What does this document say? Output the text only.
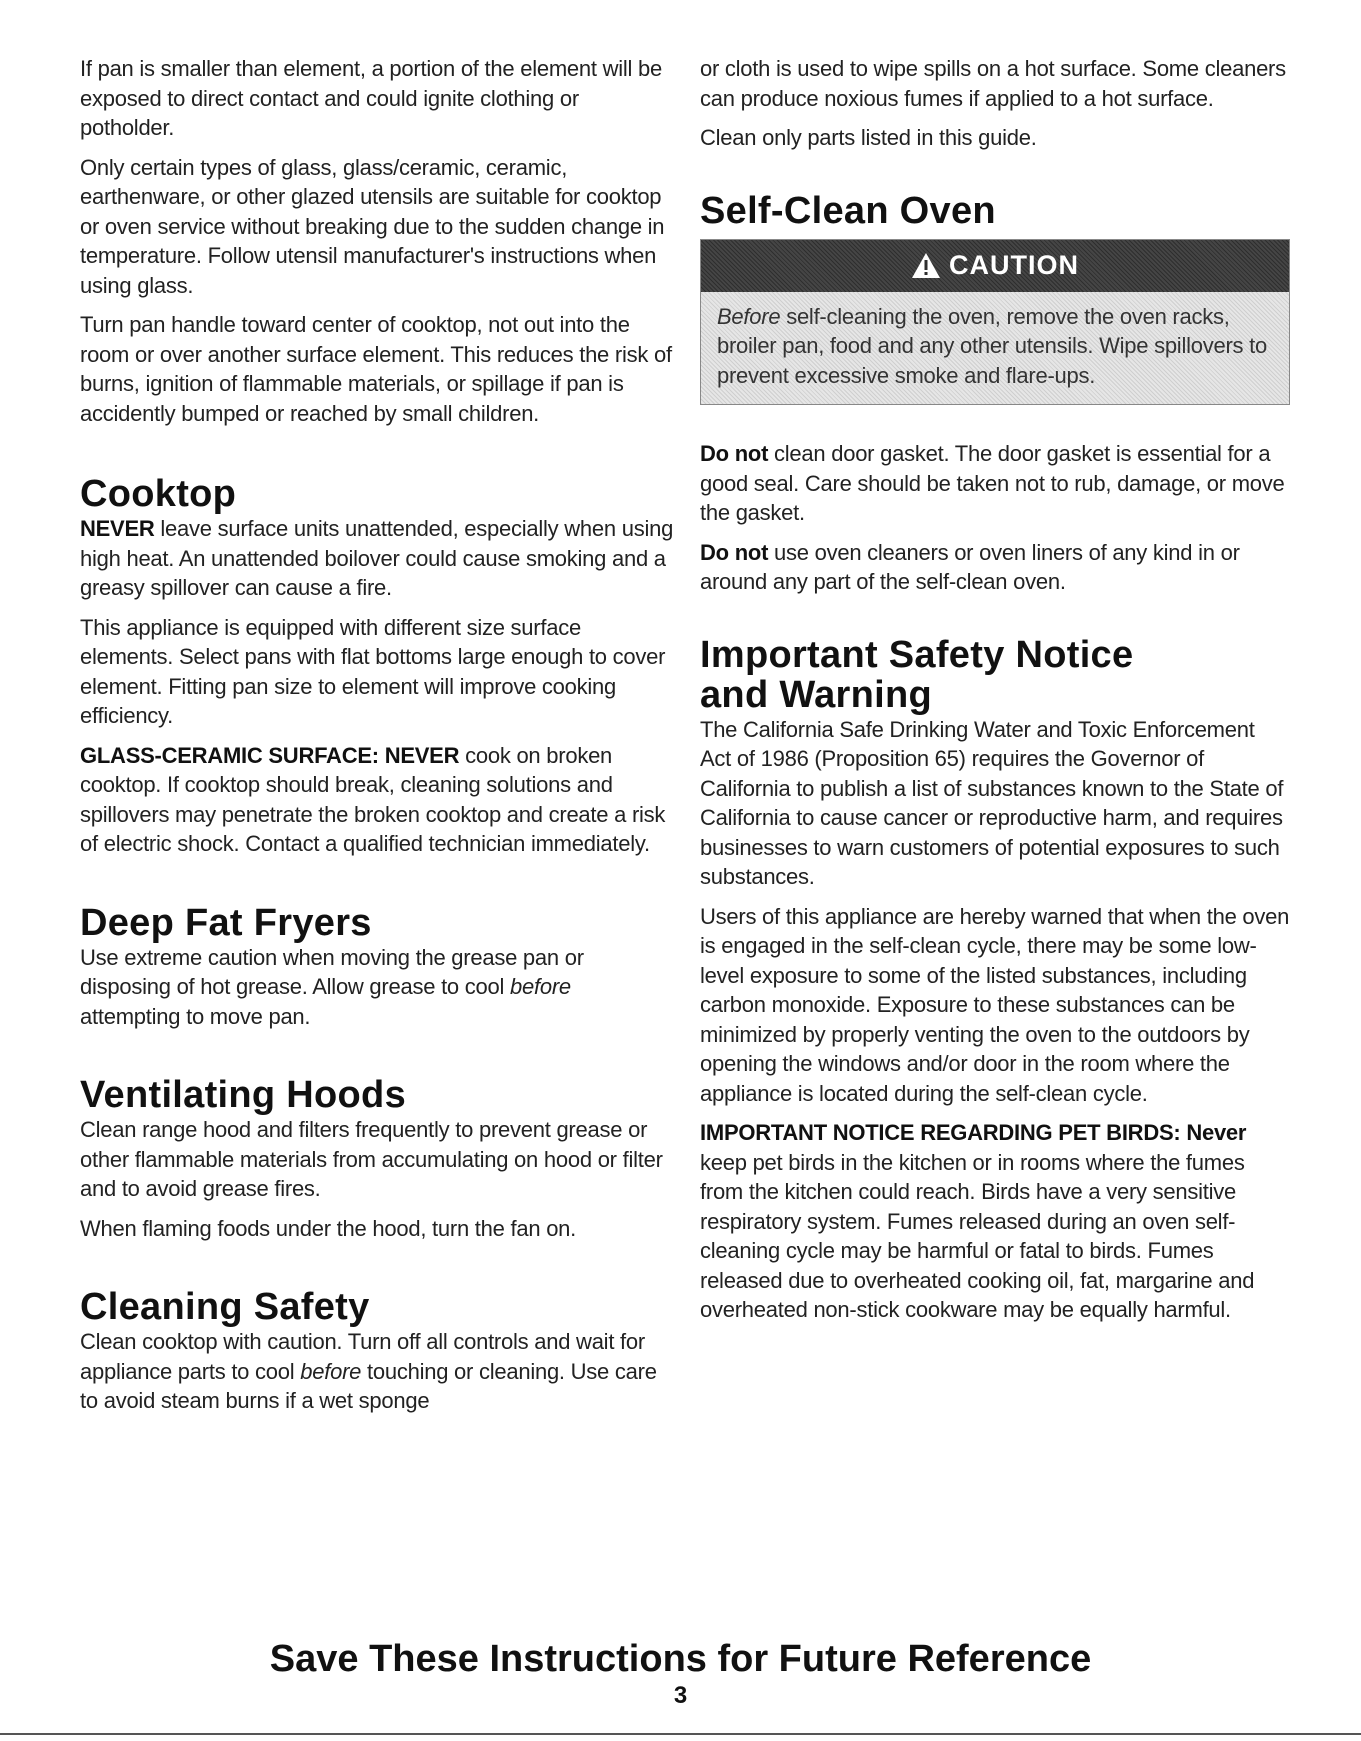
If pan is smaller than element, a portion of the element will be exposed to direct contact and could ignite clothing or potholder.

Only certain types of glass, glass/ceramic, ceramic, earthenware, or other glazed utensils are suitable for cooktop or oven service without breaking due to the sudden change in temperature. Follow utensil manufacturer's instructions when using glass.

Turn pan handle toward center of cooktop, not out into the room or over another surface element. This reduces the risk of burns, ignition of flammable materials, or spillage if pan is accidently bumped or reached by small children.

Cooktop

NEVER leave surface units unattended, especially when using high heat. An unattended boilover could cause smoking and a greasy spillover can cause a fire.

This appliance is equipped with different size surface elements. Select pans with flat bottoms large enough to cover element. Fitting pan size to element will improve cooking efficiency.

GLASS-CERAMIC SURFACE: NEVER cook on broken cooktop. If cooktop should break, cleaning solutions and spillovers may penetrate the broken cooktop and create a risk of electric shock. Contact a qualified technician immediately.

Deep Fat Fryers

Use extreme caution when moving the grease pan or disposing of hot grease. Allow grease to cool before attempting to move pan.

Ventilating Hoods

Clean range hood and filters frequently to prevent grease or other flammable materials from accumulating on hood or filter and to avoid grease fires.

When flaming foods under the hood, turn the fan on.

Cleaning Safety

Clean cooktop with caution. Turn off all controls and wait for appliance parts to cool before touching or cleaning. Use care to avoid steam burns if a wet sponge

or cloth is used to wipe spills on a hot surface. Some cleaners can produce noxious fumes if applied to a hot surface.

Clean only parts listed in this guide.

Self-Clean Oven
CAUTION
Before self-cleaning the oven, remove the oven racks, broiler pan, food and any other utensils. Wipe spillovers to prevent excessive smoke and flare-ups.

Do not clean door gasket. The door gasket is essential for a good seal. Care should be taken not to rub, damage, or move the gasket.

Do not use oven cleaners or oven liners of any kind in or around any part of the self-clean oven.

Important Safety Notice
and Warning

The California Safe Drinking Water and Toxic Enforcement Act of 1986 (Proposition 65) requires the Governor of California to publish a list of substances known to the State of California to cause cancer or reproductive harm, and requires businesses to warn customers of potential exposures to such substances.

Users of this appliance are hereby warned that when the oven is engaged in the self-clean cycle, there may be some low-level exposure to some of the listed substances, including carbon monoxide. Exposure to these substances can be minimized by properly venting the oven to the outdoors by opening the windows and/or door in the room where the appliance is located during the self-clean cycle.

IMPORTANT NOTICE REGARDING PET BIRDS: Never keep pet birds in the kitchen or in rooms where the fumes from the kitchen could reach. Birds have a very sensitive respiratory system. Fumes released during an oven self-cleaning cycle may be harmful or fatal to birds. Fumes released due to overheated cooking oil, fat, margarine and overheated non-stick cookware may be equally harmful.

Save These Instructions for Future Reference
3
